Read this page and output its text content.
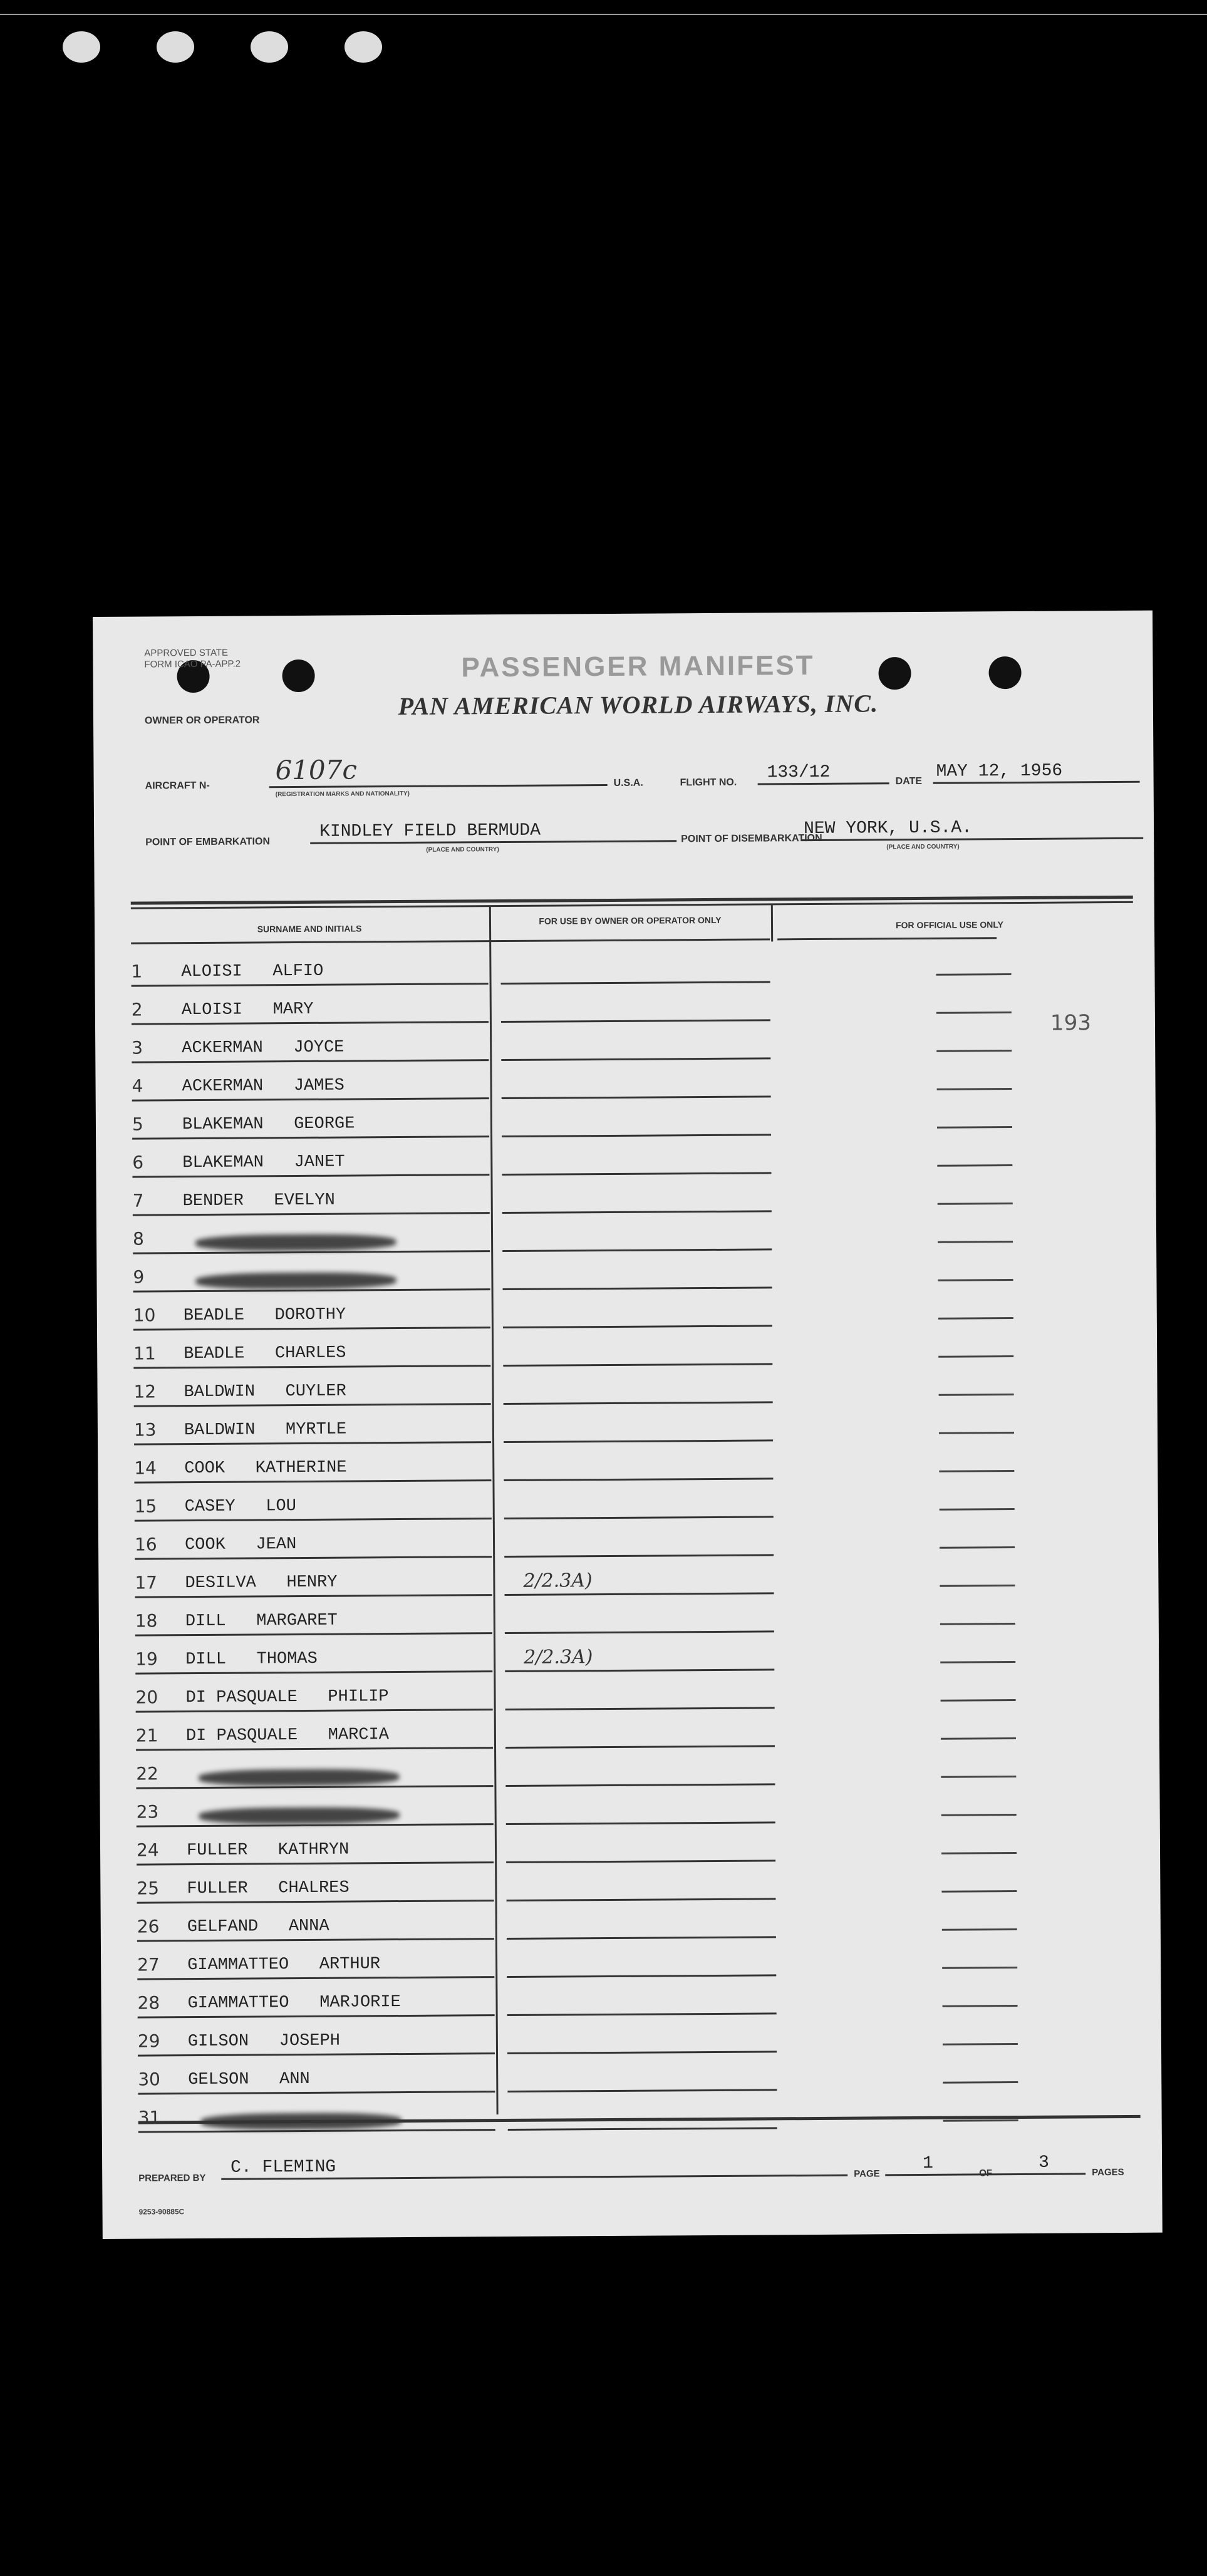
APPROVED STATE FORM ICAO PA-APP.2	PASSENGER MANIFEST
OWNER OR OPERATOR
PAN AMERICAN WORLD AIRWAYS, INC.
AIRCRAFT N-
6107c
(REGISTRATION MARKS AND NATIONALITY)
U.S.A.	FLIGHT NO.
133/12	DATE MAY 12, 1956
POINT OF EMBARKATION
KINDLEY FIELD BERMUDA
(PLACE AND COUNTRY)
POINT OF DISEMBARKATION
NEW YORK, U.S.A.
(PLACE AND COUNTRY)
SURNAME AND INITIALS
FOR USE BY OWNER OR OPERATOR ONLY	FOR OFFICIAL USE ONLY
193
1 ALOISI   ALFIO
2 ALOISI   MARY
3 ACKERMAN   JOYCE
4 ACKERMAN   JAMES
5 BLAKEMAN   GEORGE
6 BLAKEMAN   JANET
7 BENDER   EVELYN
8
9
10 BEADLE   DOROTHY
11 BEADLE   CHARLES
12 BALDWIN   CUYLER
13 BALDWIN   MYRTLE
14 COOK   KATHERINE
15 CASEY   LOU
16 COOK   JEAN
17 DESILVA   HENRY	2/2.3A)
18 DILL   MARGARET
19 DILL   THOMAS	2/2.3A)
20 DI PASQUALE   PHILIP
21 DI PASQUALE   MARCIA
22
23
24 FULLER   KATHRYN
25 FULLER   CHALRES
26 GELFAND   ANNA
27 GIAMMATTEO   ARTHUR
28 GIAMMATTEO   MARJORIE
29 GILSON   JOSEPH
30 GELSON   ANN
31
PREPARED BY
C. FLEMING	PAGE
1	OF
3	PAGES
9253-90885C
